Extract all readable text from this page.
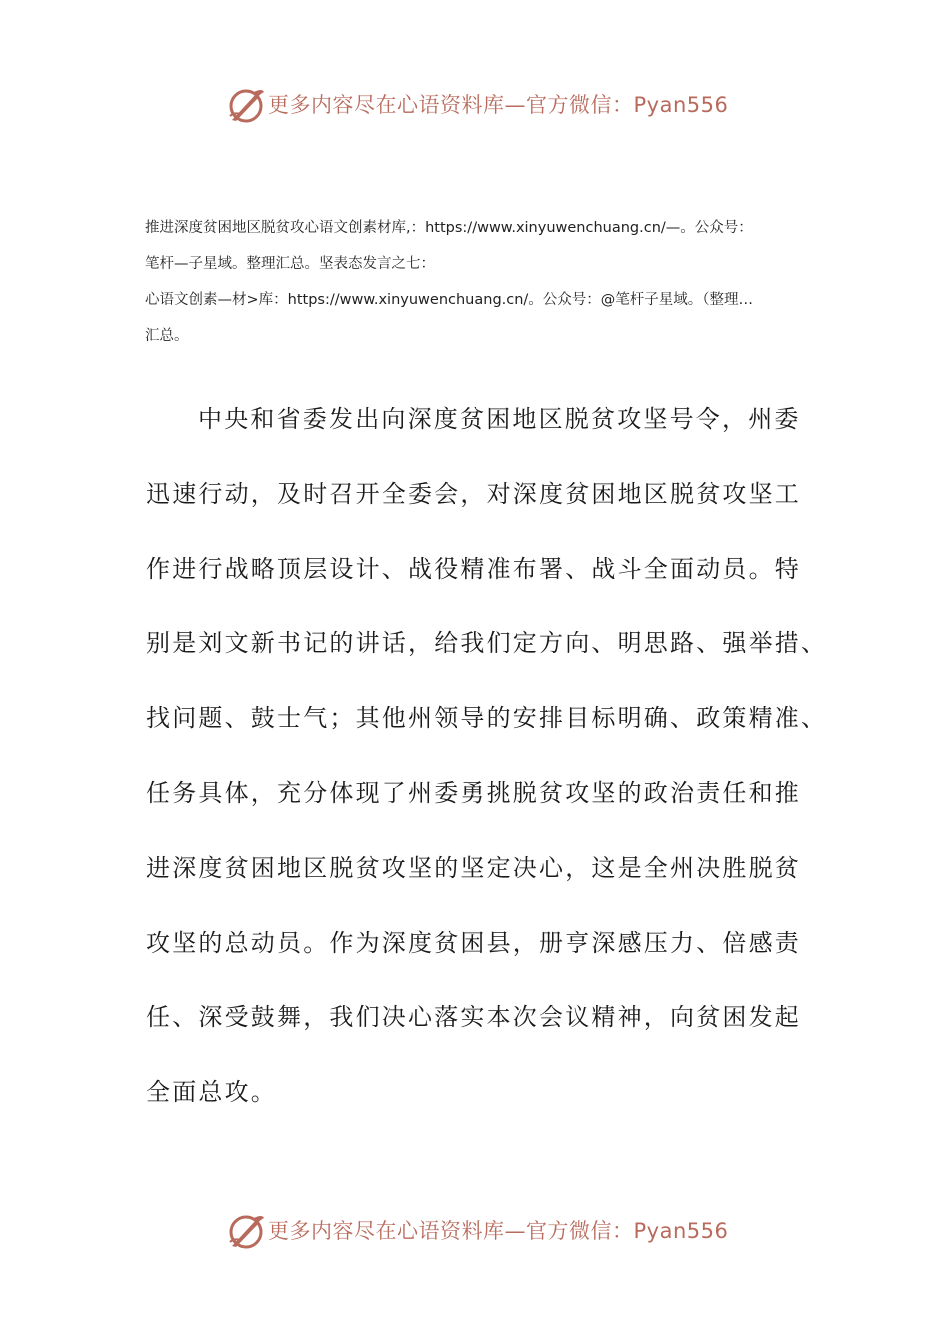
更多内容尽在心语资料库—官方微信：Pyan556
推进深度贫困地区脱贫攻心语文创素材库,：https://www.xinyuwenchuang.cn/—。公众号：
笔杆—子星域。整理汇总。坚表态发言之七：
心语文创素—材>库：https://www.xinyuwenchuang.cn/。公众号：@笔杆子星域。（整理…
汇总。
中央和省委发出向深度贫困地区脱贫攻坚号令，州委
迅速行动，及时召开全委会，对深度贫困地区脱贫攻坚工
作进行战略顶层设计、战役精准布署、战斗全面动员。特
别是刘文新书记的讲话，给我们定方向、明思路、强举措、
找问题、鼓士气；其他州领导的安排目标明确、政策精准、
任务具体，充分体现了州委勇挑脱贫攻坚的政治责任和推
进深度贫困地区脱贫攻坚的坚定决心，这是全州决胜脱贫
攻坚的总动员。作为深度贫困县，册亨深感压力、倍感责
任、深受鼓舞，我们决心落实本次会议精神，向贫困发起
全面总攻。
更多内容尽在心语资料库—官方微信：Pyan556
